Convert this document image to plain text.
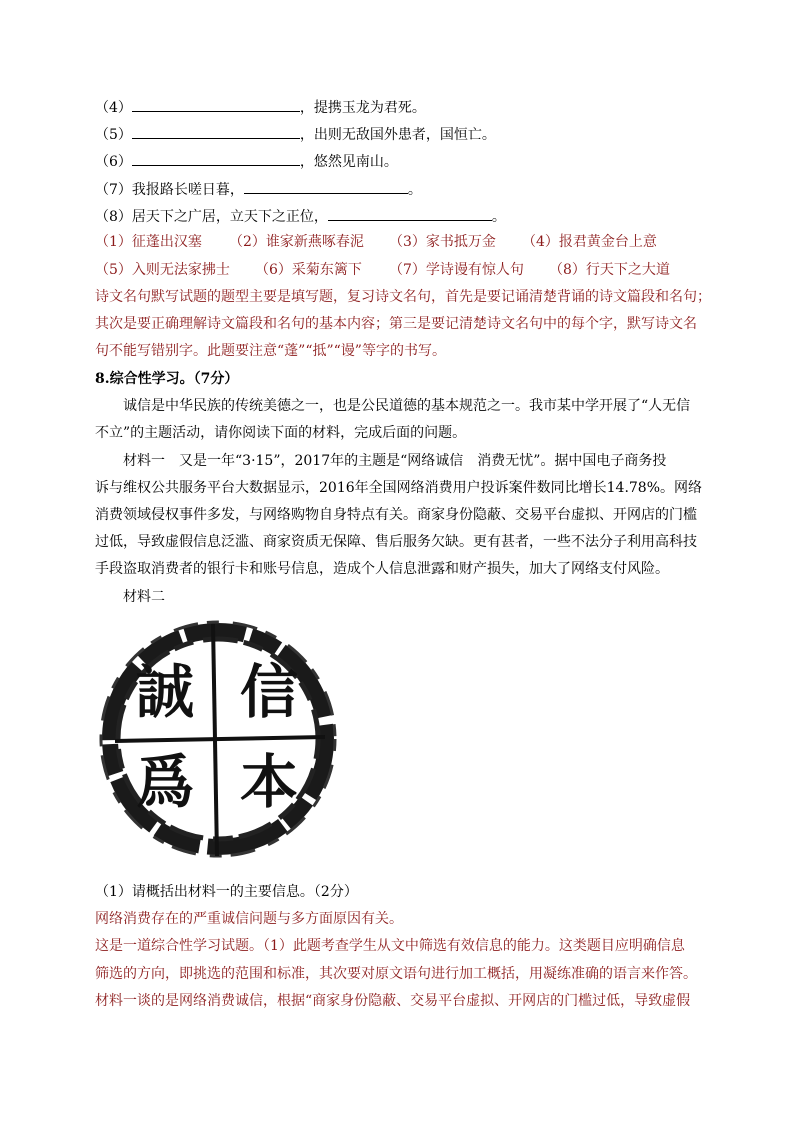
（4）	，提携玉龙为君死。
（5）	，出则无敌国外患者，国恒亡。
（6）	，悠然见南山。
（7）我报路长嗟日暮，	。
（8）居天下之广居，立天下之正位，	。
（1）征蓬出汉塞 （2）谁家新燕啄春泥 （3）家书抵万金 （4）报君黄金台上意
（5）入则无法家拂士 （6）采菊东篱下 （7）学诗谩有惊人句 （8）行天下之大道
诗文名句默写试题的题型主要是填写题，复习诗文名句，首先是要记诵清楚背诵的诗文篇段和名句；
其次是要正确理解诗文篇段和名句的基本内容；第三是要记清楚诗文名句中的每个字，默写诗文名
句不能写错别字。此题要注意“蓬”“抵”“谩”等字的书写。
8.综合性学习。（7分）
诚信是中华民族的传统美德之一，也是公民道德的基本规范之一。我市某中学开展了“人无信
不立”的主题活动，请你阅读下面的材料，完成后面的问题。
材料一　又是一年“3·15”，2017年的主题是“网络诚信　消费无忧”。据中国电子商务投
诉与维权公共服务平台大数据显示，2016年全国网络消费用户投诉案件数同比增长14.78%。网络
消费领域侵权事件多发，与网络购物自身特点有关。商家身份隐蔽、交易平台虚拟、开网店的门槛
过低，导致虚假信息泛滥、商家资质无保障、售后服务欠缺。更有甚者，一些不法分子利用高科技
手段盗取消费者的银行卡和账号信息，造成个人信息泄露和财产损失，加大了网络支付风险。
材料二
誠 信
爲 本
（1）请概括出材料一的主要信息。（2分）
网络消费存在的严重诚信问题与多方面原因有关。
这是一道综合性学习试题。（1）此题考查学生从文中筛选有效信息的能力。这类题目应明确信息
筛选的方向，即挑选的范围和标准，其次要对原文语句进行加工概括，用凝练准确的语言来作答。
材料一谈的是网络消费诚信，根据“商家身份隐蔽、交易平台虚拟、开网店的门槛过低，导致虚假
